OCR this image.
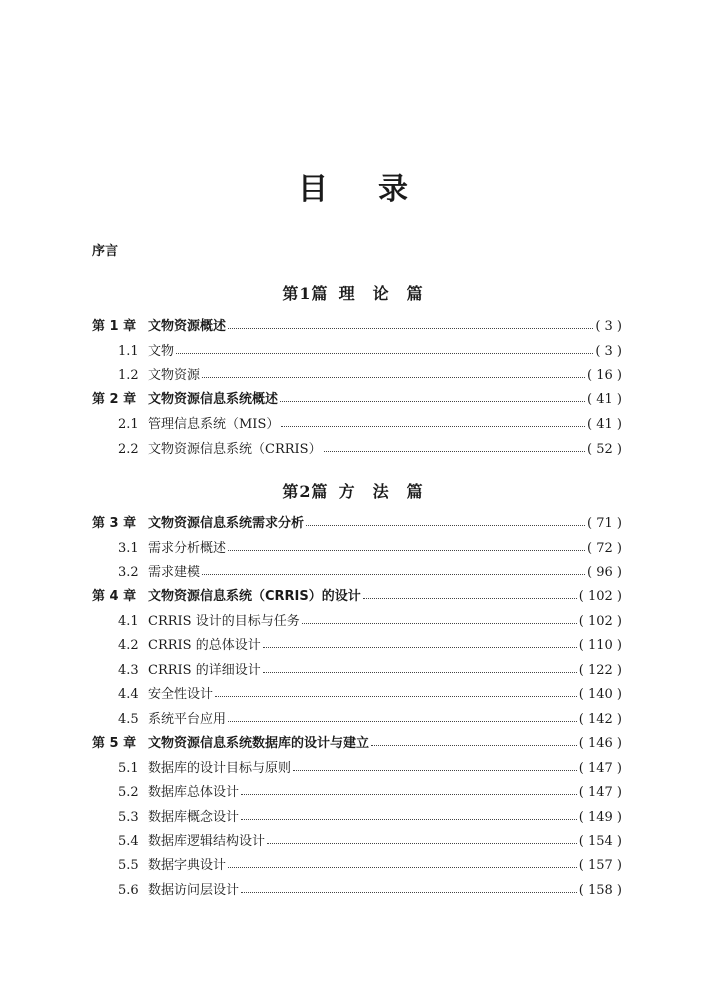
目录
序言
第1篇 理　论　篇
第2篇 方　法　篇
第 1 章 文物资源概述	( 3 )
1.1 文物	( 3 )
1.2 文物资源	( 16 )
第 2 章 文物资源信息系统概述	( 41 )
2.1 管理信息系统（MIS）	( 41 )
2.2 文物资源信息系统（CRRIS）	( 52 )
第 3 章 文物资源信息系统需求分析	( 71 )
3.1 需求分析概述	( 72 )
3.2 需求建模	( 96 )
第 4 章 文物资源信息系统（CRRIS）的设计	( 102 )
4.1 CRRIS 设计的目标与任务	( 102 )
4.2 CRRIS 的总体设计	( 110 )
4.3 CRRIS 的详细设计	( 122 )
4.4 安全性设计	( 140 )
4.5 系统平台应用	( 142 )
第 5 章 文物资源信息系统数据库的设计与建立	( 146 )
5.1 数据库的设计目标与原则	( 147 )
5.2 数据库总体设计	( 147 )
5.3 数据库概念设计	( 149 )
5.4 数据库逻辑结构设计	( 154 )
5.5 数据字典设计	( 157 )
5.6 数据访问层设计	( 158 )
